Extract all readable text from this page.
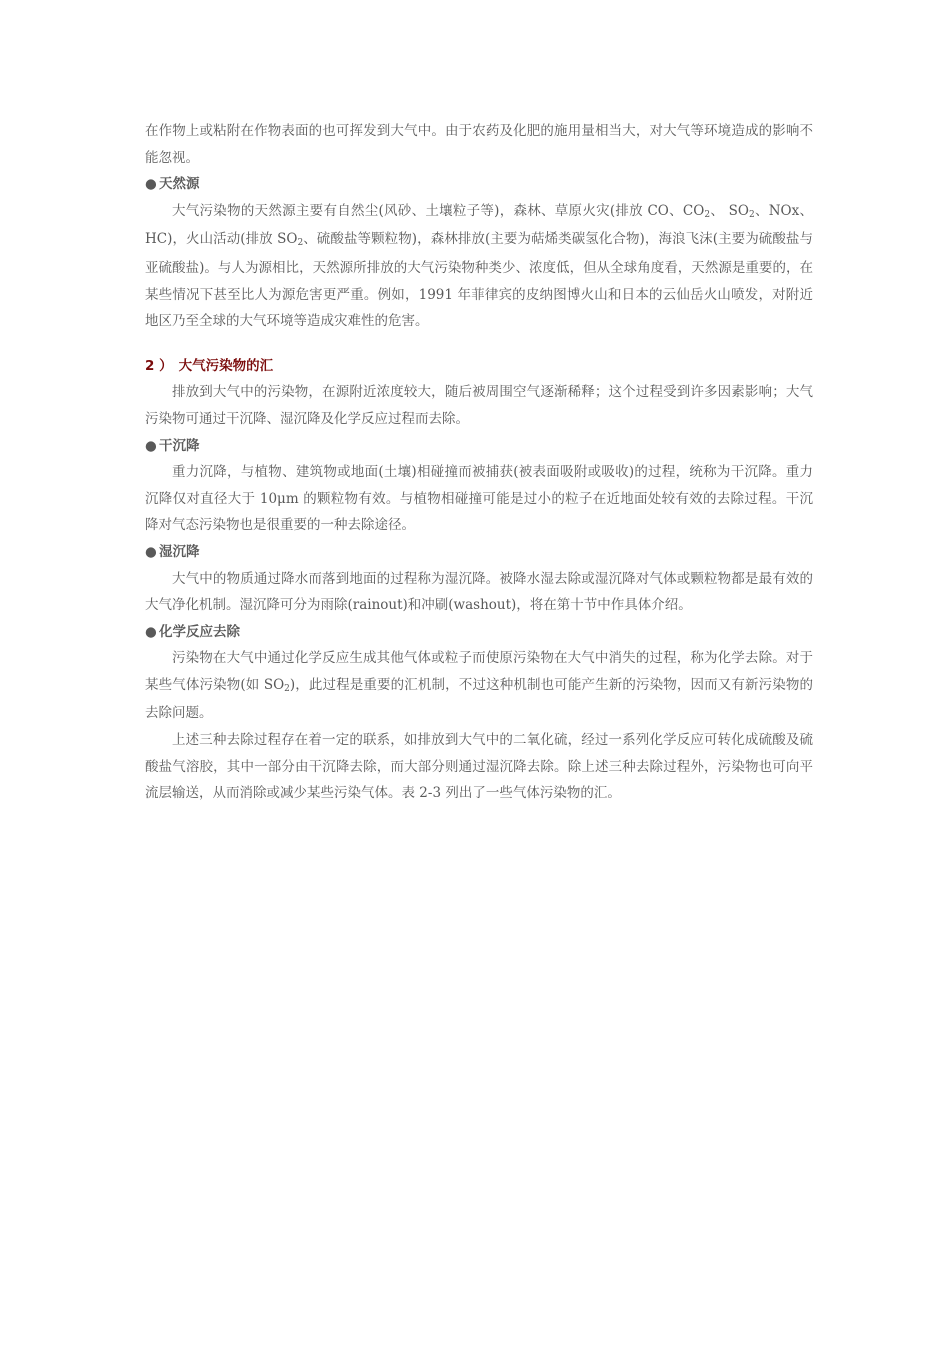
在作物上或粘附在作物表面的也可挥发到大气中。由于农药及化肥的施用量相当大，对大气等环境造成的影响不能忽视。

● 天然源

大气污染物的天然源主要有自然尘(风砂、土壤粒子等)，森林、草原火灾(排放 CO、$CO_2$、 $SO_2$、NOx、HC)，火山活动(排放 $SO_2$、硫酸盐等颗粒物)，森林排放(主要为萜烯类碳氢化合物)，海浪飞沫(主要为硫酸盐与亚硫酸盐)。与人为源相比，天然源所排放的大气污染物种类少、浓度低，但从全球角度看，天然源是重要的，在某些情况下甚至比人为源危害更严重。例如，1991 年菲律宾的皮纳图博火山和日本的云仙岳火山喷发，对附近地区乃至全球的大气环境等造成灾难性的危害。

2 ） 大气污染物的汇

排放到大气中的污染物，在源附近浓度较大，随后被周围空气逐渐稀释；这个过程受到许多因素影响；大气污染物可通过干沉降、湿沉降及化学反应过程而去除。

● 干沉降

重力沉降，与植物、建筑物或地面(土壤)相碰撞而被捕获(被表面吸附或吸收)的过程，统称为干沉降。重力沉降仅对直径大于 10μm 的颗粒物有效。与植物相碰撞可能是过小的粒子在近地面处较有效的去除过程。干沉降对气态污染物也是很重要的一种去除途径。

● 湿沉降

大气中的物质通过降水而落到地面的过程称为湿沉降。被降水湿去除或湿沉降对气体或颗粒物都是最有效的大气净化机制。湿沉降可分为雨除(rainout)和冲刷(washout)，将在第十节中作具体介绍。

● 化学反应去除

污染物在大气中通过化学反应生成其他气体或粒子而使原污染物在大气中消失的过程，称为化学去除。对于某些气体污染物(如 $SO_2$)，此过程是重要的汇机制，不过这种机制也可能产生新的污染物，因而又有新污染物的去除问题。

上述三种去除过程存在着一定的联系，如排放到大气中的二氧化硫，经过一系列化学反应可转化成硫酸及硫酸盐气溶胶，其中一部分由干沉降去除，而大部分则通过湿沉降去除。除上述三种去除过程外，污染物也可向平流层输送，从而消除或减少某些污染气体。表 2-3 列出了一些气体污染物的汇。
